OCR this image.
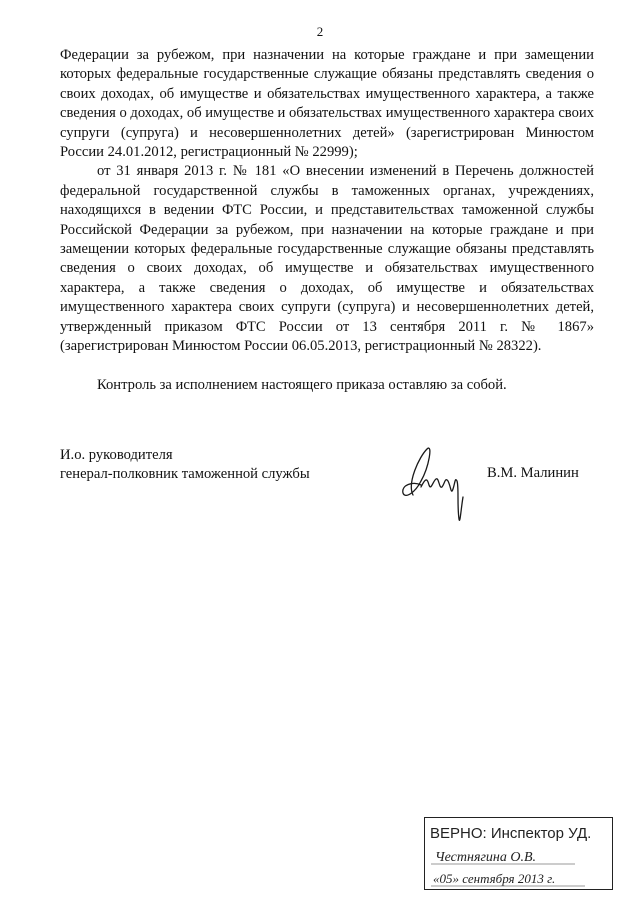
2

Федерации за рубежом, при назначении на которые граждане и при замещении которых федеральные государственные служащие обязаны представлять сведения о своих доходах, об имуществе и обязательствах имущественного характера, а также сведения о доходах, об имуществе и обязательствах имущественного характера своих супруги (супруга) и несовершеннолетних детей» (зарегистрирован Минюстом России 24.01.2012, регистрационный № 22999);

от 31 января 2013 г. № 181 «О внесении изменений в Перечень должностей федеральной государственной службы в таможенных органах, учреждениях, находящихся в ведении ФТС России, и представительствах таможенной службы Российской Федерации за рубежом, при назначении на которые граждане и при замещении которых федеральные государственные служащие обязаны представлять сведения о своих доходах, об имуществе и обязательствах имущественного характера, а также сведения о доходах, об имуществе и обязательствах имущественного характера своих супруги (супруга) и несовершеннолетних детей, утвержденный приказом ФТС России от 13 сентября 2011 г. № 1867» (зарегистрирован Минюстом России 06.05.2013, регистрационный № 28322).

Контроль за исполнением настоящего приказа оставляю за собой.

И.о. руководителя
генерал-полковник таможенной службы	В.М. Малинин
ВЕРНО: Инспектор УД.
Честнягина О.В.
«05» сентября 2013 г.
